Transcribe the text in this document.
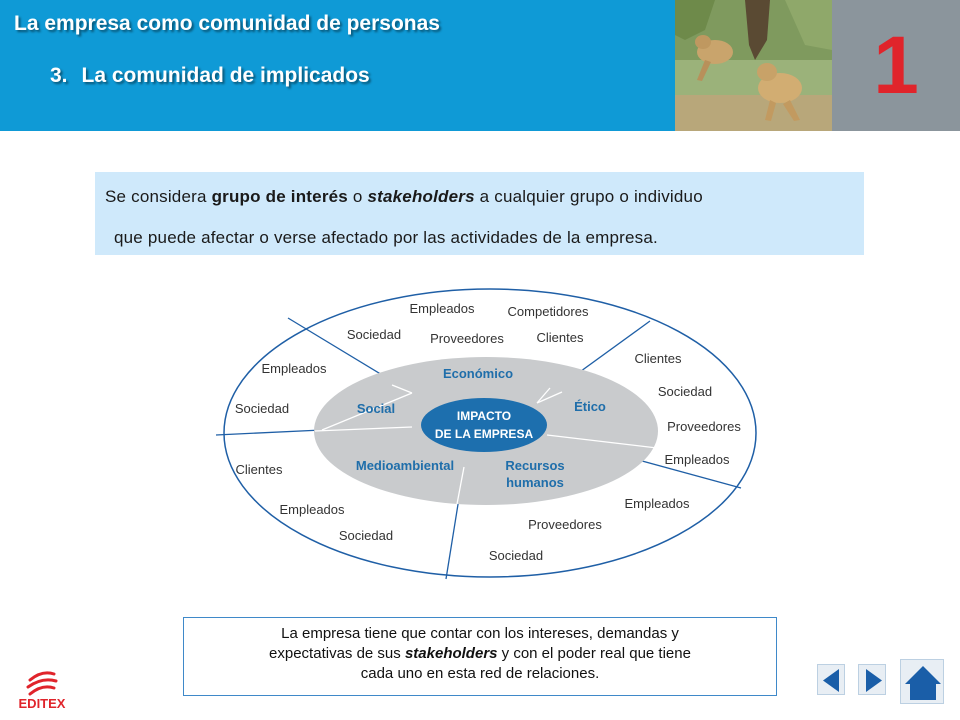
La empresa como comunidad de personas
3. La comunidad de implicados	1
Se considera grupo de interés o stakeholders a cualquier grupo o individuo
que puede afectar o verse afectado por las actividades de la empresa.
IMPACTO
DE LA EMPRESA
Económico
Social	Ético
Medioambiental	Recursos
humanos
Empleados	Competidores
Sociedad Proveedores	Clientes
Clientes
Sociedad
Proveedores
Empleados
Empleados
Sociedad
Clientes
Empleados
Sociedad
Empleados
Proveedores
Sociedad
La empresa tiene que contar con los intereses, demandas y
expectativas de sus stakeholders y con el poder real que tiene
cada uno en esta red de relaciones.
EDITEX
